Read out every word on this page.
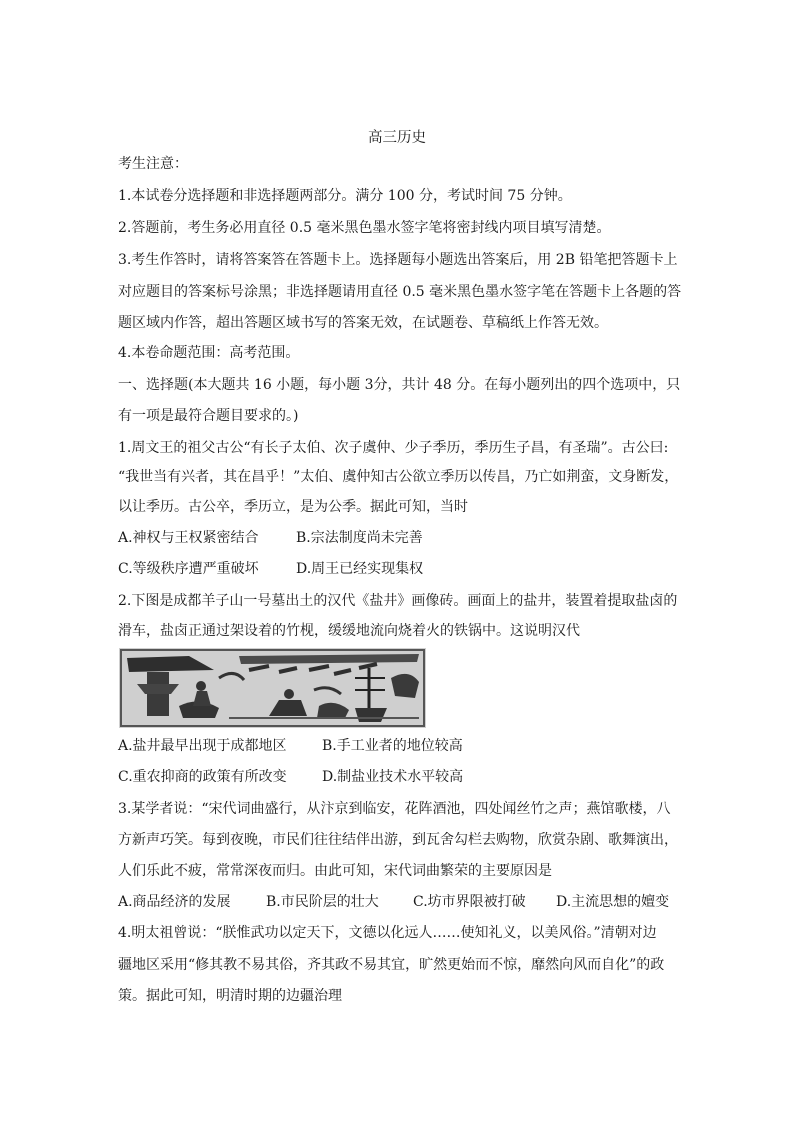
高三历史
考生注意：
1.本试卷分选择题和非选择题两部分。满分 100 分，考试时间 75 分钟。
2.答题前，考生务必用直径 0.5 毫米黑色墨水签字笔将密封线内项目填写清楚。
3.考生作答时，请将答案答在答题卡上。选择题每小题选出答案后，用 2B 铅笔把答题卡上
对应题目的答案标号涂黑；非选择题请用直径 0.5 毫米黑色墨水签字笔在答题卡上各题的答
题区域内作答，超出答题区域书写的答案无效，在试题卷、草稿纸上作答无效。
4.本卷命题范围：高考范围。
一、选择题(本大题共 16 小题，每小题 3分，共计 48 分。在每小题列出的四个选项中，只
有一项是最符合题目要求的。)
1.周文王的祖父古公“有长子太伯、次子虞仲、少子季历，季历生子昌，有圣瑞”。古公曰:
“我世当有兴者，其在昌乎！”太伯、虞仲知古公欲立季历以传昌，乃亡如荆蛮，文身断发，
以让季历。古公卒，季历立，是为公季。据此可知，当时
A.神权与王权紧密结合	B.宗法制度尚未完善
C.等级秩序遭严重破坏	D.周王已经实现集权
2.下图是成都羊子山一号墓出土的汉代《盐井》画像砖。画面上的盐井，装置着提取盐卤的
滑车，盐卤正通过架设着的竹枧，缓缓地流向烧着火的铁锅中。这说明汉代
A.盐井最早出现于成都地区	B.手工业者的地位较高
C.重农抑商的政策有所改变	D.制盐业技术水平较高
3.某学者说：“宋代词曲盛行，从汴京到临安，花阵酒池，四处闻丝竹之声；燕馆歌楼，八
方新声巧笑。每到夜晚，市民们往往结伴出游，到瓦舍勾栏去购物，欣赏杂剧、歌舞演出，
人们乐此不疲，常常深夜而归。由此可知，宋代词曲繁荣的主要原因是
A.商品经济的发展	B.市民阶层的壮大 C.坊市界限被打破 D.主流思想的嬗变
4.明太祖曾说：“朕惟武功以定天下，文德以化远人……使知礼义，以美风俗。”清朝对边
疆地区采用“修其教不易其俗，齐其政不易其宜，旷然更始而不惊，靡然向风而自化”的政
策。据此可知，明清时期的边疆治理
